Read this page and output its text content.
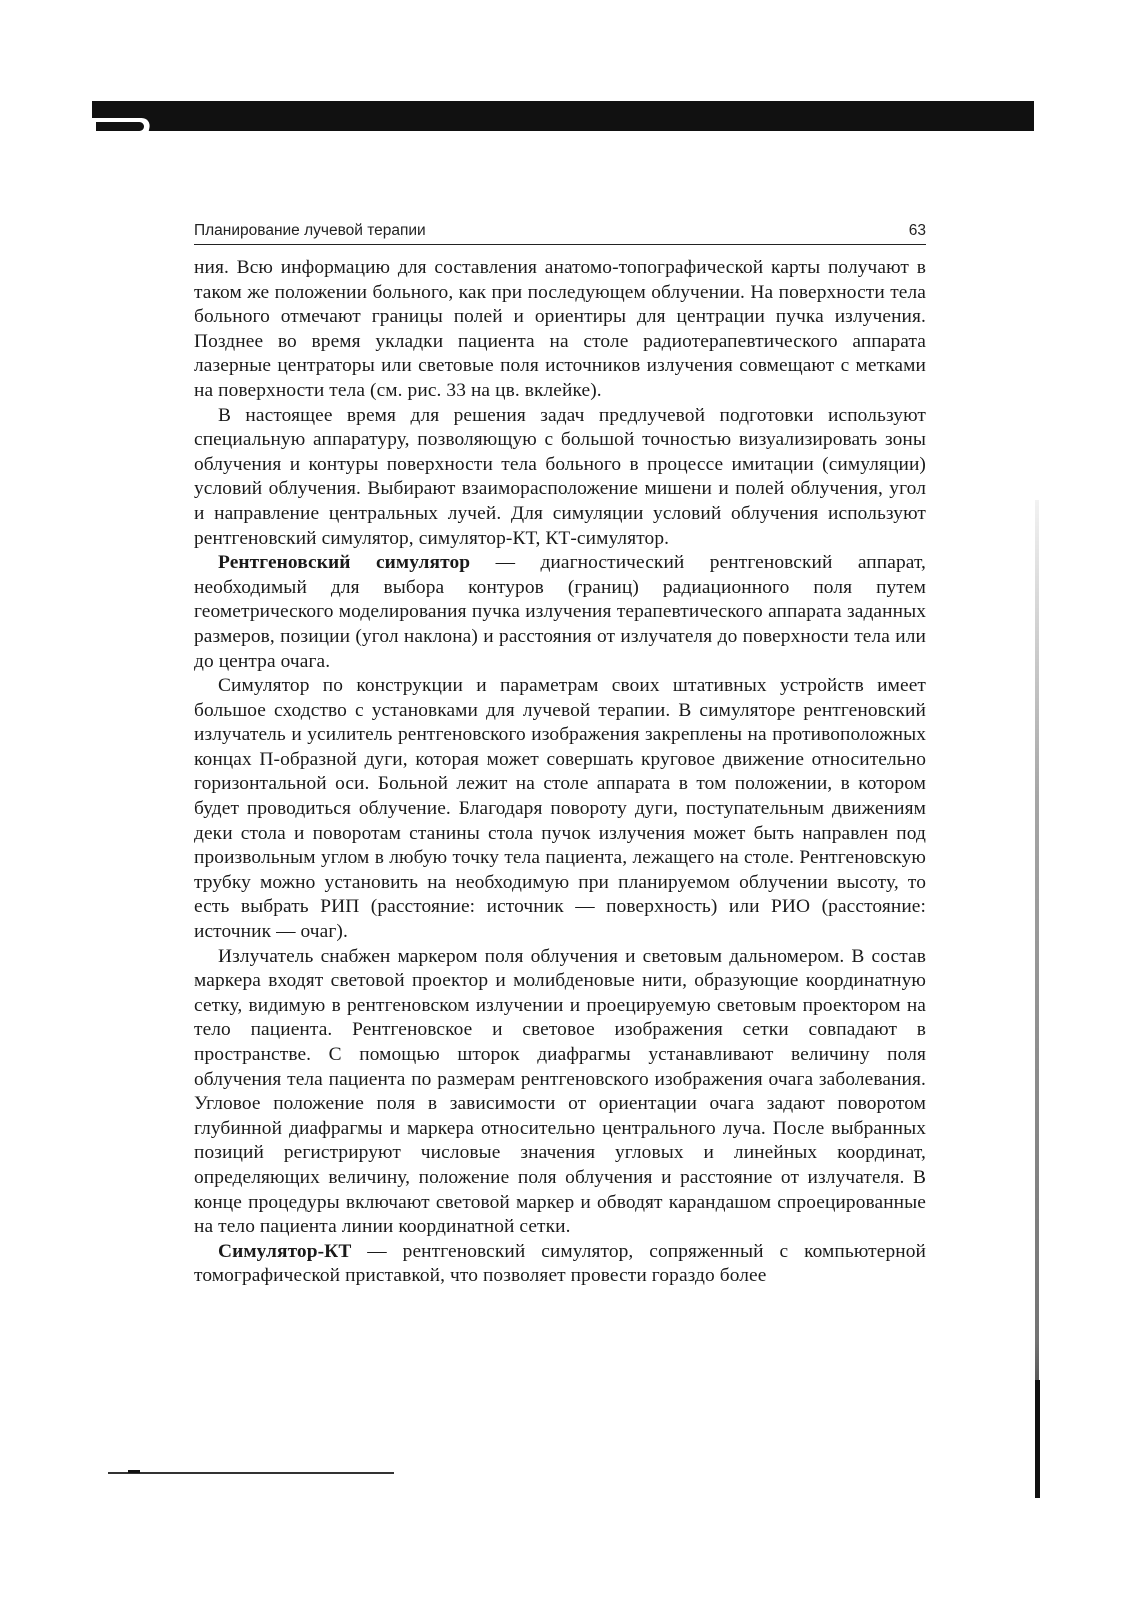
Планирование лучевой терапии	63

ния. Всю информацию для составления анатомо-топографической карты получают в таком же положении больного, как при последующем облучении. На поверхности тела больного отмечают границы полей и ориентиры для центрации пучка излучения. Позднее во время укладки пациента на столе радиотерапевтического аппарата лазерные центраторы или световые поля источников излучения совмещают с метками на поверхности тела (см. рис. 33 на цв. вклейке).

В настоящее время для решения задач предлучевой подготовки используют специальную аппаратуру, позволяющую с большой точностью визуализировать зоны облучения и контуры поверхности тела больного в процессе имитации (симуляции) условий облучения. Выбирают взаиморасположение мишени и полей облучения, угол и направление центральных лучей. Для симуляции условий облучения используют рентгеновский симулятор, симулятор-КТ, КТ-симулятор.

Рентгеновский симулятор — диагностический рентгеновский аппарат, необходимый для выбора контуров (границ) радиационного поля путем геометрического моделирования пучка излучения терапевтического аппарата заданных размеров, позиции (угол наклона) и расстояния от излучателя до поверхности тела или до центра очага.

Симулятор по конструкции и параметрам своих штативных устройств имеет большое сходство с установками для лучевой терапии. В симуляторе рентгеновский излучатель и усилитель рентгеновского изображения закреплены на противоположных концах П-образной дуги, которая может совершать круговое движение относительно горизонтальной оси. Больной лежит на столе аппарата в том положении, в котором будет проводиться облучение. Благодаря повороту дуги, поступательным движениям деки стола и поворотам станины стола пучок излучения может быть направлен под произвольным углом в любую точку тела пациента, лежащего на столе. Рентгеновскую трубку можно установить на необходимую при планируемом облучении высоту, то есть выбрать РИП (расстояние: источник — поверхность) или РИО (расстояние: источник — очаг).

Излучатель снабжен маркером поля облучения и световым дальномером. В состав маркера входят световой проектор и молибденовые нити, образующие координатную сетку, видимую в рентгеновском излучении и проецируемую световым проектором на тело пациента. Рентгеновское и световое изображения сетки совпадают в пространстве. С помощью шторок диафрагмы устанавливают величину поля облучения тела пациента по размерам рентгеновского изображения очага заболевания. Угловое положение поля в зависимости от ориентации очага задают поворотом глубинной диафрагмы и маркера относительно центрального луча. После выбранных позиций регистрируют числовые значения угловых и линейных координат, определяющих величину, положение поля облучения и расстояние от излучателя. В конце процедуры включают световой маркер и обводят карандашом спроецированные на тело пациента линии координатной сетки.

Симулятор-КТ — рентгеновский симулятор, сопряженный с компьютерной томографической приставкой, что позволяет провести гораздо более
